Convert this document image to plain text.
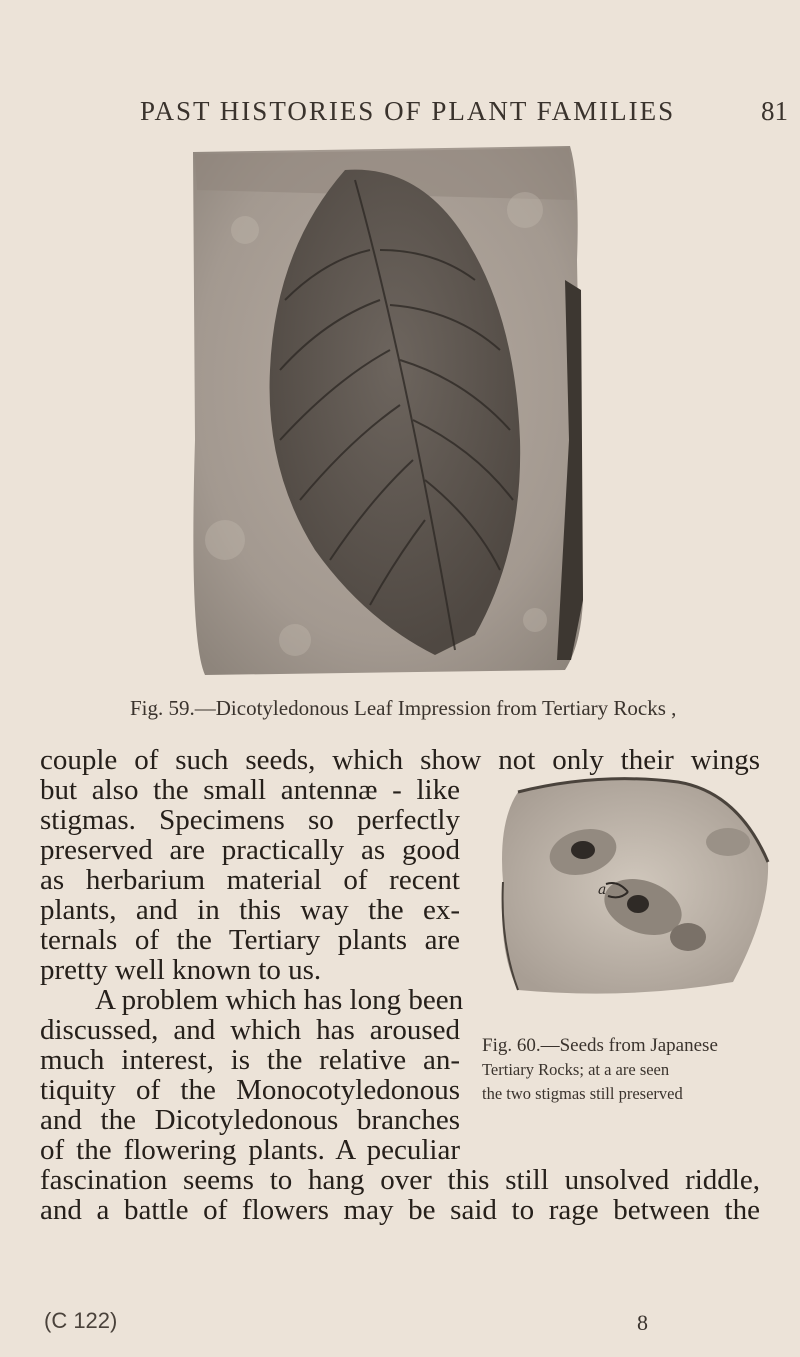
PAST HISTORIES OF PLANT FAMILIES	81
Fig. 59.—Dicotyledonous Leaf Impression from Tertiary Rocks ,
couple of such seeds, which show not only their wings
but also the small antennæ - like
stigmas. Specimens so perfectly
preserved are practically as good
as herbarium material of recent
plants, and in this way the ex-
ternals of the Tertiary plants are
pretty well known to us.
A problem which has long been
discussed, and which has aroused
much interest, is the relative an-
tiquity of the Monocotyledonous
and the Dicotyledonous branches
of the flowering plants. A peculiar
fascination seems to hang over this still unsolved riddle,
and a battle of flowers may be said to rage between the
a
Fig. 60.—Seeds from Japanese
Tertiary Rocks; at a are seen
the two stigmas still preserved
(C 122)	8
